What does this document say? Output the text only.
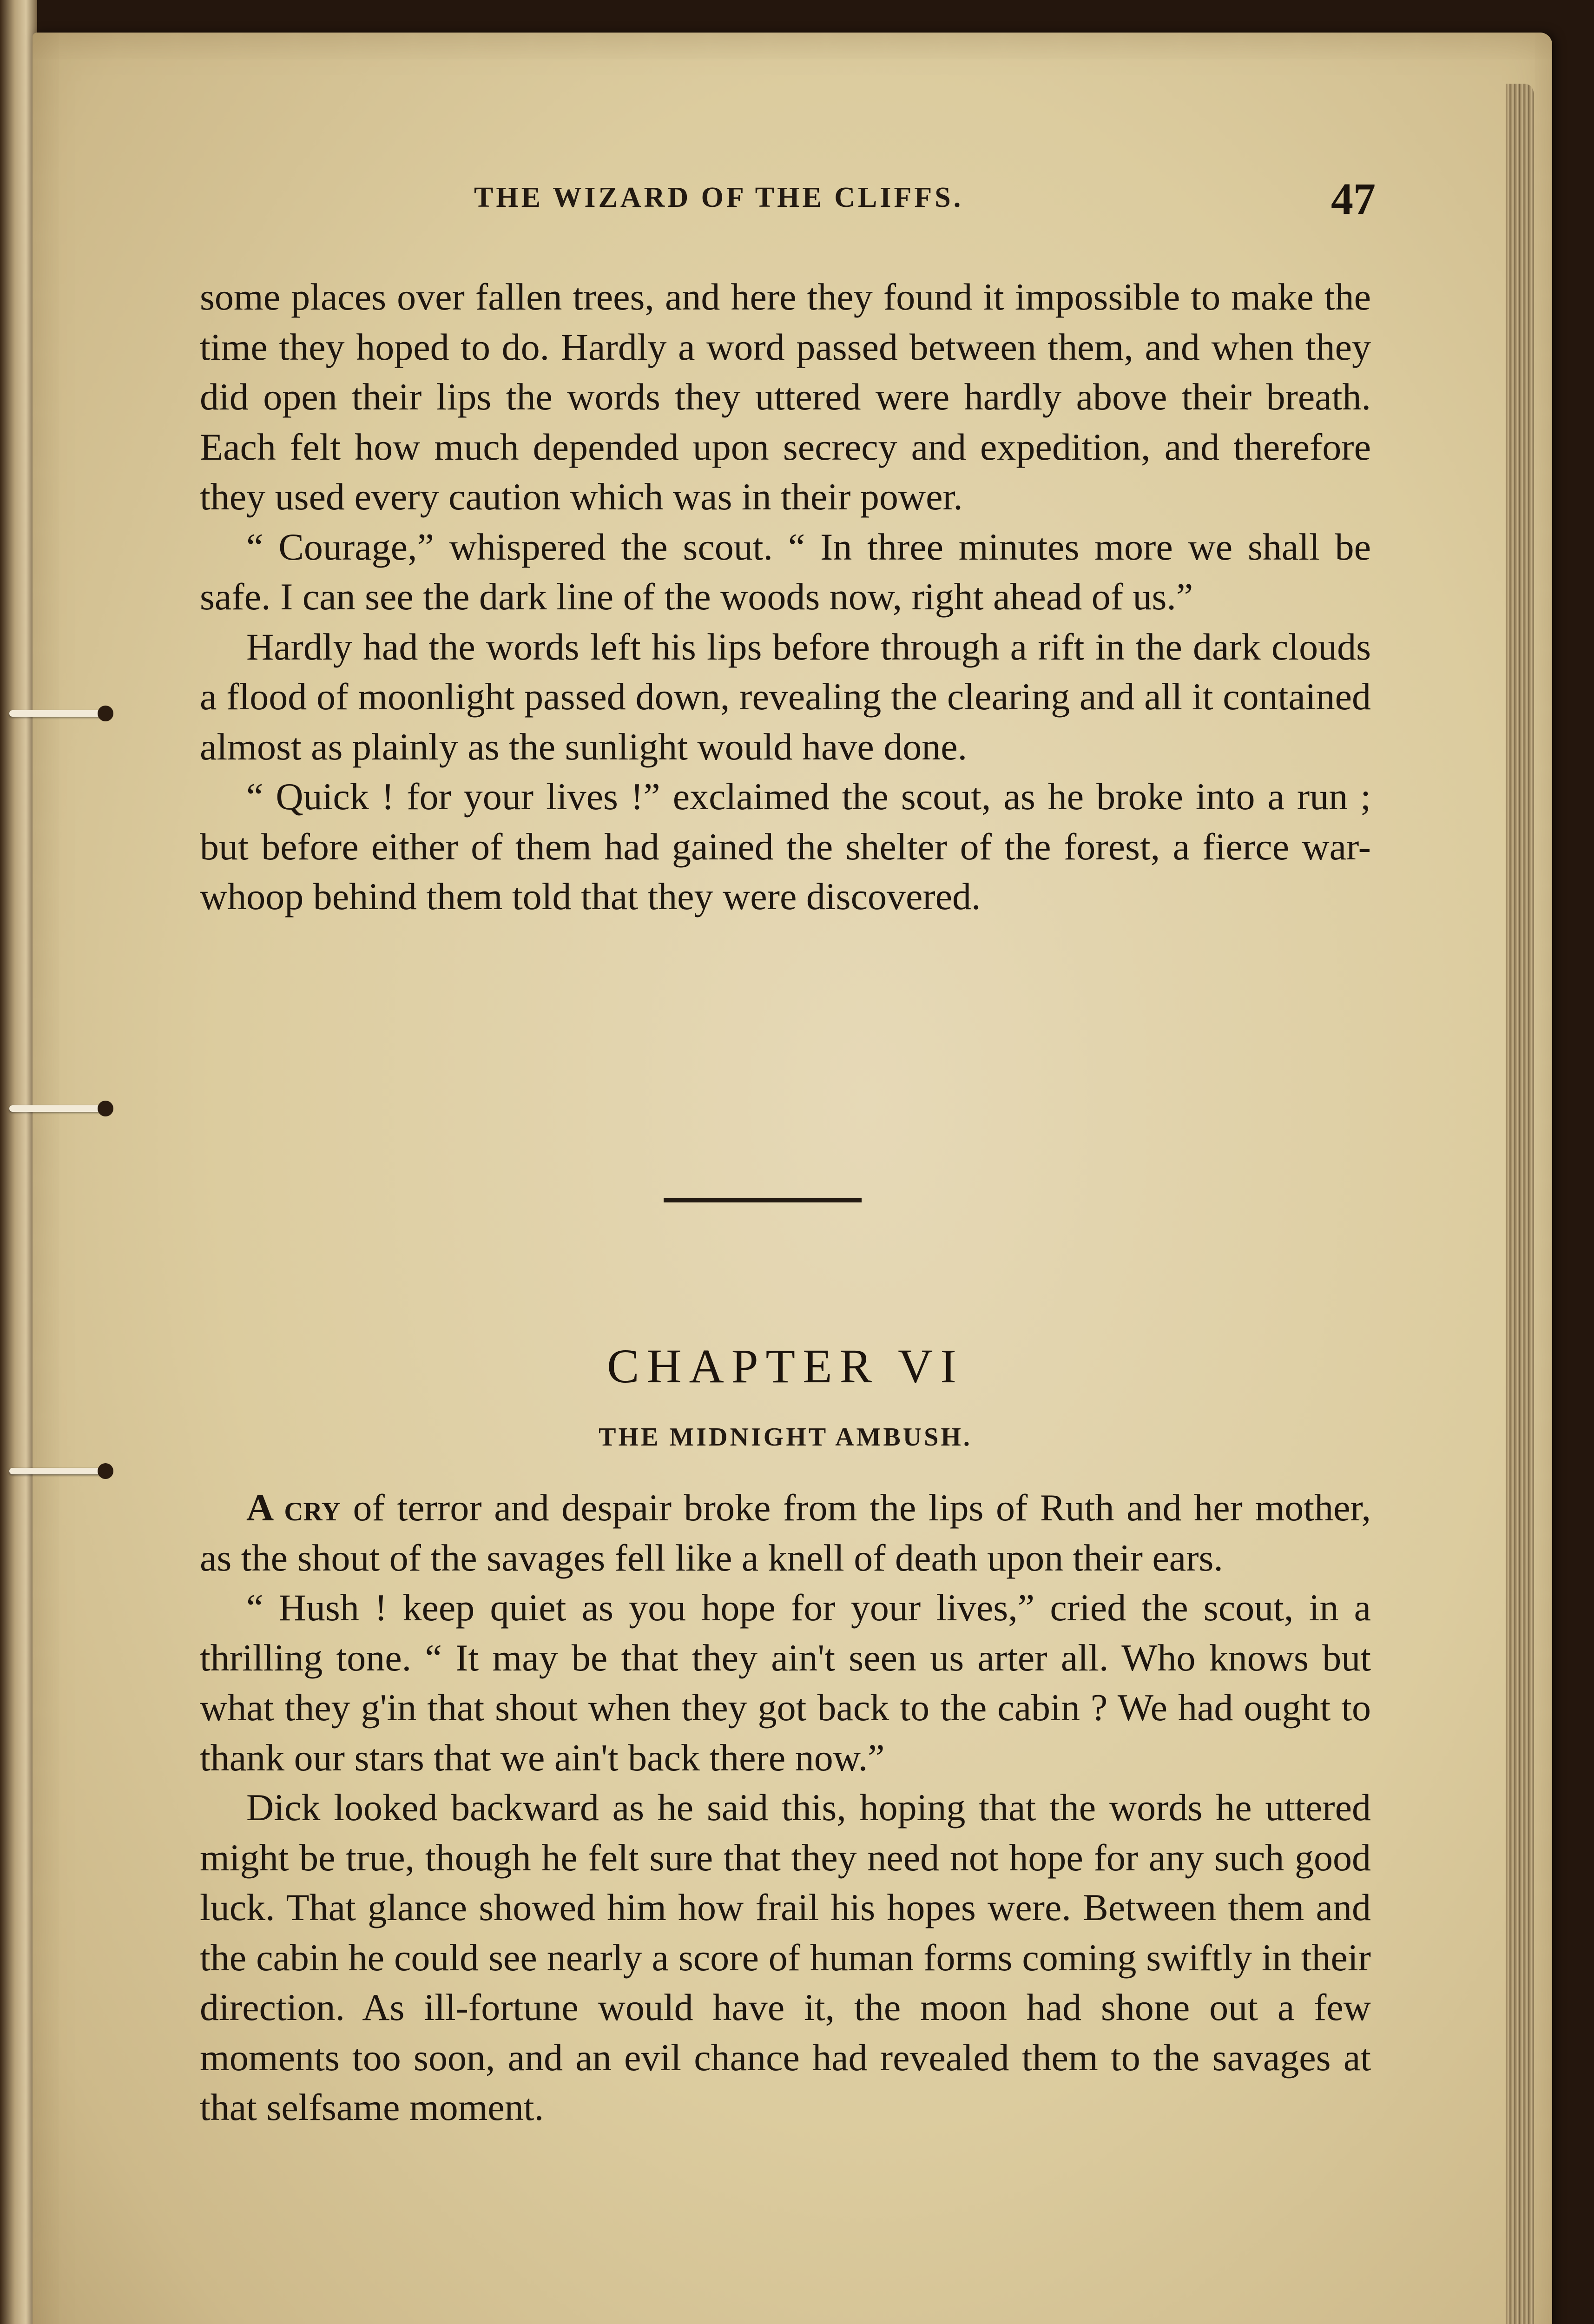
THE WIZARD OF THE CLIFFS.	47

some places over fallen trees, and here they found it impossible to make the time they hoped to do. Hardly a word passed between them, and when they did open their lips the words they uttered were hardly above their breath. Each felt how much depended upon secrecy and expedition, and therefore they used every caution which was in their power.

“ Courage,” whispered the scout. “ In three minutes more we shall be safe. I can see the dark line of the woods now, right ahead of us.”

Hardly had the words left his lips before through a rift in the dark clouds a flood of moonlight passed down, revealing the clearing and all it contained almost as plainly as the sunlight would have done.

“ Quick ! for your lives !” exclaimed the scout, as he broke into a run ; but before either of them had gained the shelter of the forest, a fierce war-whoop behind them told that they were discovered.

CHAPTER VI
THE MIDNIGHT AMBUSH.

A cry of terror and despair broke from the lips of Ruth and her mother, as the shout of the savages fell like a knell of death upon their ears.

“ Hush ! keep quiet as you hope for your lives,” cried the scout, in a thrilling tone. “ It may be that they ain't seen us arter all. Who knows but what they g'in that shout when they got back to the cabin ? We had ought to thank our stars that we ain't back there now.”

Dick looked backward as he said this, hoping that the words he uttered might be true, though he felt sure that they need not hope for any such good luck. That glance showed him how frail his hopes were. Between them and the cabin he could see nearly a score of human forms coming swiftly in their direction. As ill-fortune would have it, the moon had shone out a few moments too soon, and an evil chance had revealed them to the savages at that selfsame moment.
